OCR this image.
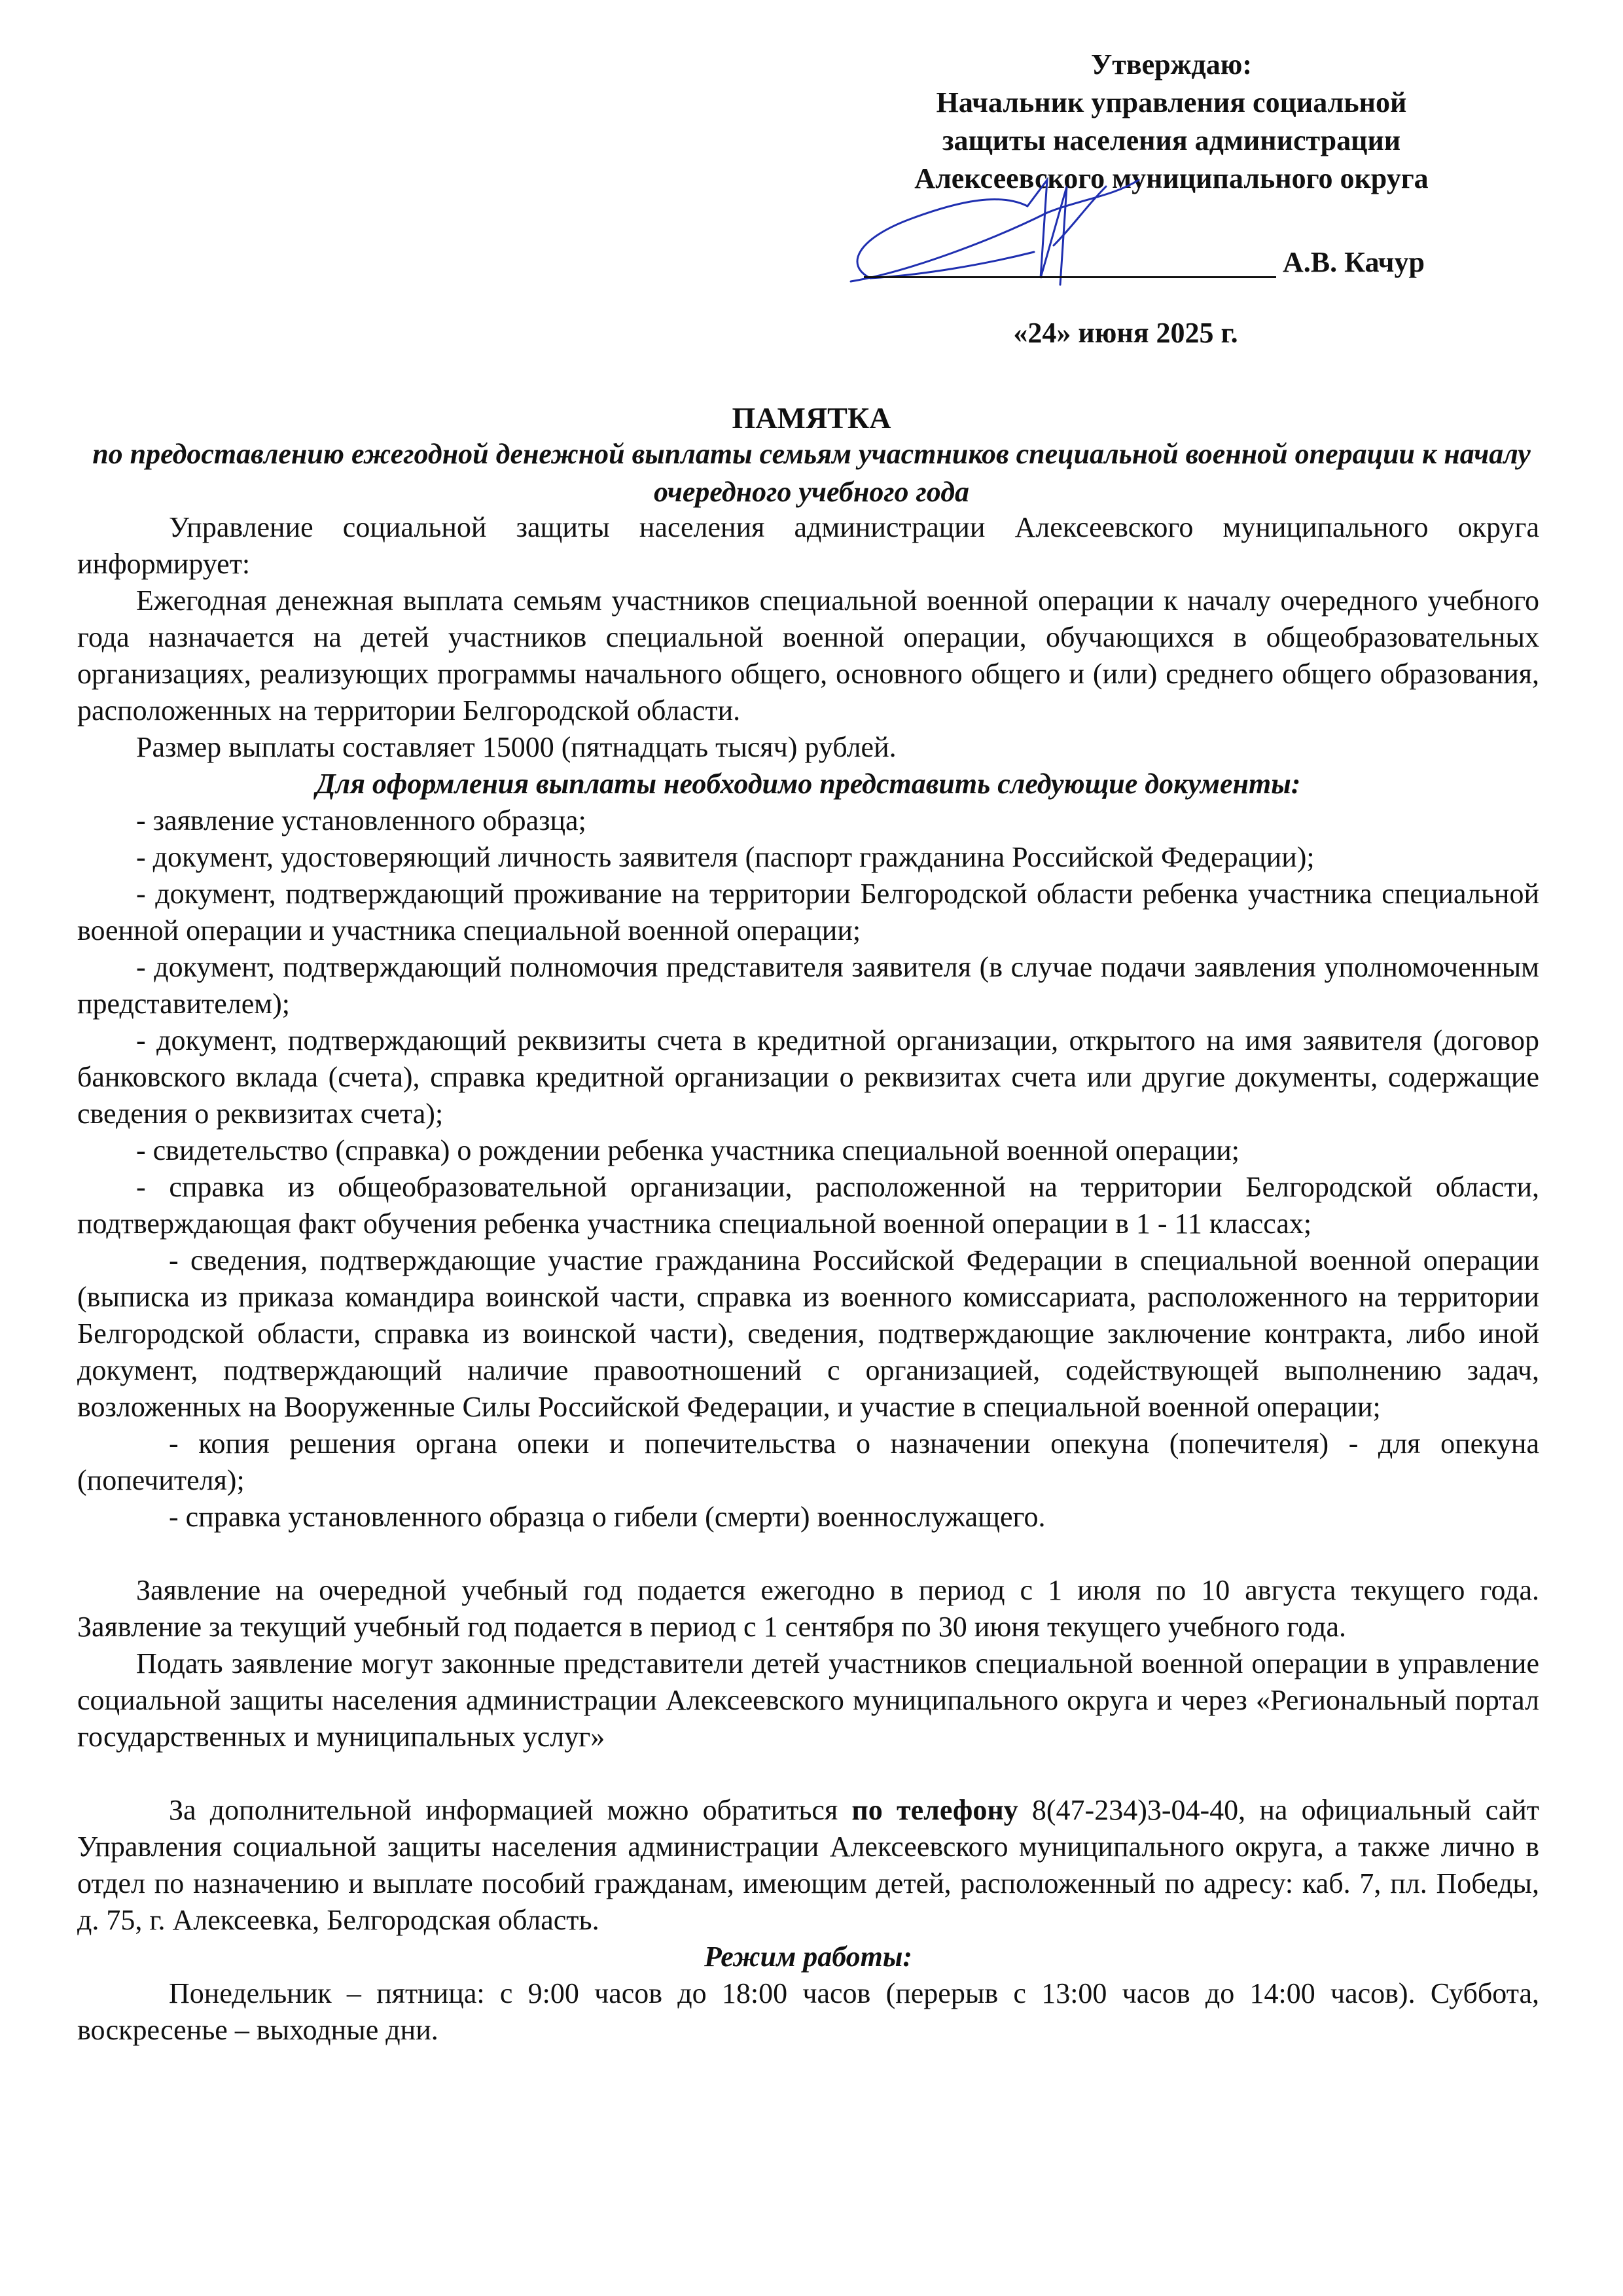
Утверждаю:
Начальник управления социальной
защиты населения администрации
Алексеевского муниципального округа
А.В. Качур
«24» июня 2025 г.
ПАМЯТКА
по предоставлению ежегодной денежной выплаты семьям участников специальной военной операции к началу очередного учебного года

Управление социальной защиты населения администрации Алексеевского муниципального округа информирует:

Ежегодная денежная выплата семьям участников специальной военной операции к началу очередного учебного года назначается на детей участников специальной военной операции, обучающихся в общеобразовательных организациях, реализующих программы начального общего, основного общего и (или) среднего общего образования, расположенных на территории Белгородской области.

Размер выплаты составляет 15000 (пятнадцать тысяч) рублей.

Для оформления выплаты необходимо представить следующие документы:

- заявление установленного образца;

- документ, удостоверяющий личность заявителя (паспорт гражданина Российской Федерации);

- документ, подтверждающий проживание на территории Белгородской области ребенка участника специальной военной операции и участника специальной военной операции;

- документ, подтверждающий полномочия представителя заявителя (в случае подачи заявления уполномоченным представителем);

- документ, подтверждающий реквизиты счета в кредитной организации, открытого на имя заявителя (договор банковского вклада (счета), справка кредитной организации о реквизитах счета или другие документы, содержащие сведения о реквизитах счета);

- свидетельство (справка) о рождении ребенка участника специальной военной операции;

- справка из общеобразовательной организации, расположенной на территории Белгородской области, подтверждающая факт обучения ребенка участника специальной военной операции в 1 - 11 классах;

- сведения, подтверждающие участие гражданина Российской Федерации в специальной военной операции (выписка из приказа командира воинской части, справка из военного комиссариата, расположенного на территории Белгородской области, справка из воинской части), сведения, подтверждающие заключение контракта, либо иной документ, подтверждающий наличие правоотношений с организацией, содействующей выполнению задач, возложенных на Вооруженные Силы Российской Федерации, и участие в специальной военной операции;

- копия решения органа опеки и попечительства о назначении опекуна (попечителя) - для опекуна (попечителя);

- справка установленного образца о гибели (смерти) военнослужащего.

Заявление на очередной учебный год подается ежегодно в период с 1 июля по 10 августа текущего года. Заявление за текущий учебный год подается в период с 1 сентября по 30 июня текущего учебного года.

Подать заявление могут законные представители детей участников специальной военной операции в управление социальной защиты населения администрации Алексеевского муниципального округа и через «Региональный портал государственных и муниципальных услуг»

За дополнительной информацией можно обратиться по телефону 8(47-234)3-04-40, на официальный сайт Управления социальной защиты населения администрации Алексеевского муниципального округа, а также лично в отдел по назначению и выплате пособий гражданам, имеющим детей, расположенный по адресу: каб. 7, пл. Победы, д. 75, г. Алексеевка, Белгородская область.

Режим работы:

Понедельник – пятница: с 9:00 часов до 18:00 часов (перерыв с 13:00 часов до 14:00 часов). Суббота, воскресенье – выходные дни.
